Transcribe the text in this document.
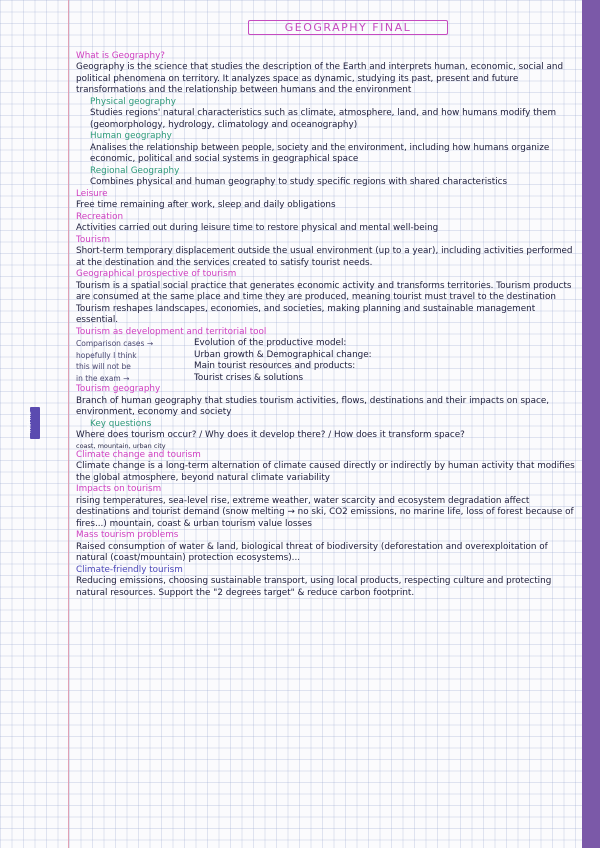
INSPIRE
GEOGRAPHY FINAL
What is Geography?

Geography is the science that studies the description of the Earth and interprets human, economic, social and political phenomena on territory. It analyzes space as dynamic, studying its past, present and future transformations and the relationship between humans and the environment

Physical geography

Studies regions' natural characteristics such as climate, atmosphere, land, and how humans modify them (geomorphology, hydrology, climatology and oceanography)

Human geography

Analises the relationship between people, society and the environment, including how humans organize economic, political and social systems in geographical space

Regional Geography

Combines physical and human geography to study specific regions with shared characteristics

Leisure

Free time remaining after work, sleep and daily obligations

Recreation

Activities carried out during leisure time to restore physical and mental well-being

Tourism

Short-term temporary displacement outside the usual environment (up to a year), including activities performed at the destination and the services created to satisfy tourist needs.

Geographical prospective of tourism

Tourism is a spatial social practice that generates economic activity and transforms territories. Tourism products are consumed at the same place and time they are produced, meaning tourist must travel to the destination

Tourism reshapes landscapes, economies, and societies, making planning and sustainable management essential.

Tourism as development and territorial tool
Comparison cases →	Evolution of the productive model:
hopefully I think	Urban growth & Demographical change:
this will not be	Main tourist resources and products:
in the exam →	Tourist crises & solutions
Tourism geography

Branch of human geography that studies tourism activities, flows, destinations and their impacts on space, environment, economy and society

Key questions

Where does tourism occur? / Why does it develop there? / How does it transform space?

coast, mountain, urban city
Climate change and tourism

Climate change is a long-term alternation of climate caused directly or indirectly by human activity that modifies the global atmosphere, beyond natural climate variability

Impacts on tourism

rising temperatures, sea-level rise, extreme weather, water scarcity and ecosystem degradation affect destinations and tourist demand (snow melting → no ski, CO2 emissions, no marine life, loss of forest because of fires...) mountain, coast & urban tourism value losses

Mass tourism problems

Raised consumption of water & land, biological threat of biodiversity (deforestation and overexploitation of natural (coast/mountain) protection ecosystems)...

Climate-friendly tourism

Reducing emissions, choosing sustainable transport, using local products, respecting culture and protecting natural resources. Support the "2 degrees target" & reduce carbon footprint.
